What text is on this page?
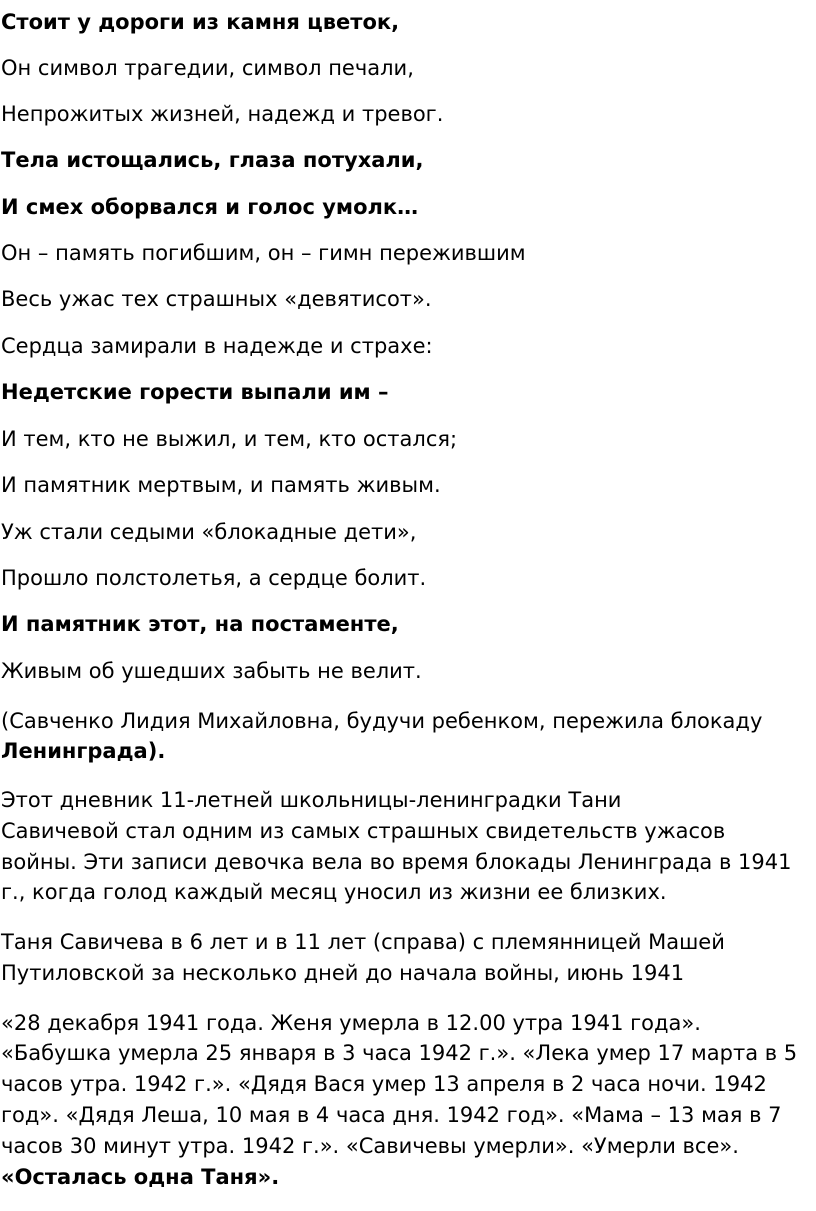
Стоит у дороги из камня цветок,
Он символ трагедии, символ печали,
Непрожитых жизней, надежд и тревог.
Тела истощались, глаза потухали,
И смех оборвался и голос умолк…
Он – память погибшим, он – гимн пережившим
Весь ужас тех страшных «девятисот».
Сердца замирали в надежде и страхе:
Недетские горести выпали им –
И тем, кто не выжил, и тем, кто остался;
И памятник мертвым, и память живым.
Уж стали седыми «блокадные дети»,
Прошло полстолетья, а сердце болит.
И памятник этот, на постаменте,
Живым об ушедших забыть не велит.
(Савченко Лидия Михайловна, будучи ребенком, пережила блокаду
Ленинграда).
Этот дневник 11-летней школьницы-ленинградки Тани
Савичевой стал одним из самых страшных свидетельств ужасов
войны. Эти записи девочка вела во время блокады Ленинграда в 1941
г., когда голод каждый месяц уносил из жизни ее близких.
Таня Савичева в 6 лет и в 11 лет (справа) с племянницей Машей
Путиловской за несколько дней до начала войны, июнь 1941
«28 декабря 1941 года. Женя умерла в 12.00 утра 1941 года».
«Бабушка умерла 25 января в 3 часа 1942 г.». «Лека умер 17 марта в 5
часов утра. 1942 г.». «Дядя Вася умер 13 апреля в 2 часа ночи. 1942
год». «Дядя Леша, 10 мая в 4 часа дня. 1942 год». «Мама – 13 мая в 7
часов 30 минут утра. 1942 г.». «Савичевы умерли». «Умерли все».
«Осталась одна Таня».
